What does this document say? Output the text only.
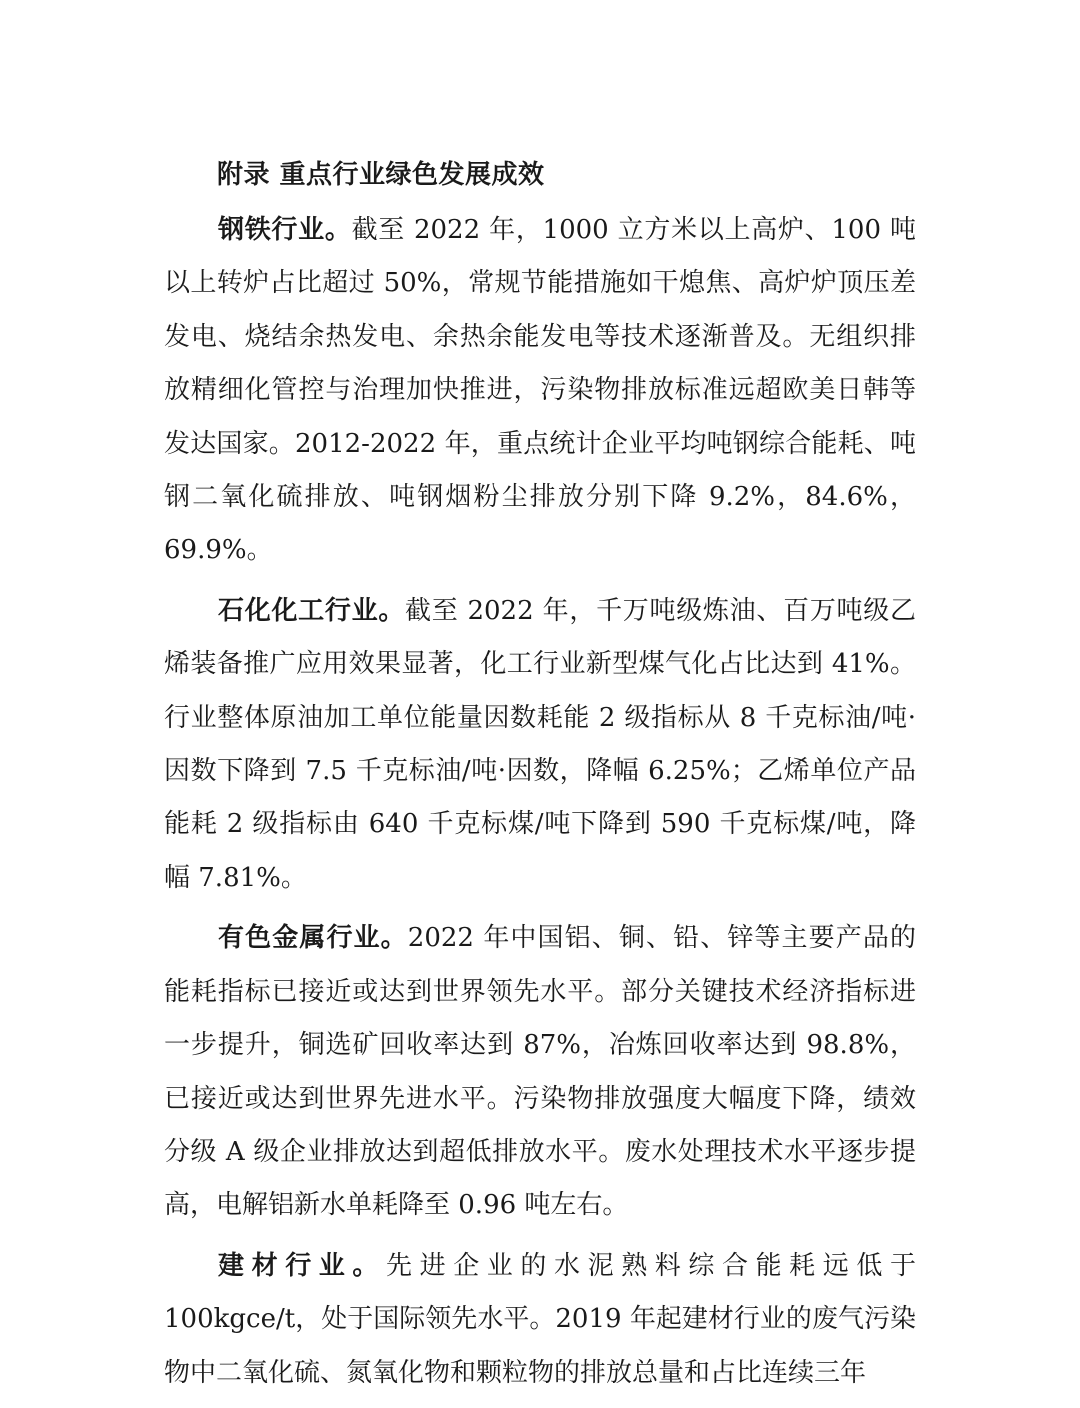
附录 重点行业绿色发展成效

钢铁行业。截至 2022 年，1000 立方米以上高炉、100 吨以上转炉占比超过 50%，常规节能措施如干熄焦、高炉炉顶压差发电、烧结余热发电、余热余能发电等技术逐渐普及。无组织排放精细化管控与治理加快推进，污染物排放标准远超欧美日韩等发达国家。2012-2022 年，重点统计企业平均吨钢综合能耗、吨钢二氧化硫排放、吨钢烟粉尘排放分别下降 9.2%，84.6%，69.9%。

石化化工行业。截至 2022 年，千万吨级炼油、百万吨级乙烯装备推广应用效果显著，化工行业新型煤气化占比达到 41%。行业整体原油加工单位能量因数耗能 2 级指标从 8 千克标油/吨·因数下降到 7.5 千克标油/吨·因数，降幅 6.25%；乙烯单位产品能耗 2 级指标由 640 千克标煤/吨下降到 590 千克标煤/吨，降幅 7.81%。

有色金属行业。2022 年中国铝、铜、铅、锌等主要产品的能耗指标已接近或达到世界领先水平。部分关键技术经济指标进一步提升，铜选矿回收率达到 87%，冶炼回收率达到 98.8%，已接近或达到世界先进水平。污染物排放强度大幅度下降，绩效分级 A 级企业排放达到超低排放水平。废水处理技术水平逐步提高，电解铝新水单耗降至 0.96 吨左右。

建材行业。先进企业的水泥熟料综合能耗远低于 100kgce/t，处于国际领先水平。2019 年起建材行业的废气污染物中二氧化硫、氮氧化物和颗粒物的排放总量和占比连续三年
